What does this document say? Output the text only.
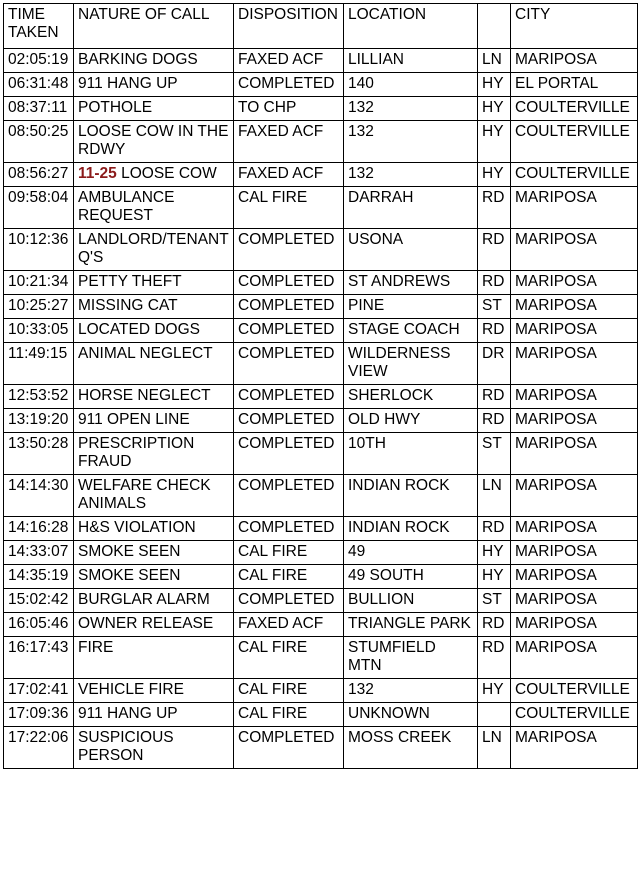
TIME TAKEN	NATURE OF CALL	DISPOSITION	LOCATION		CITY
02:05:19	BARKING DOGS	FAXED ACF	LILLIAN	LN	MARIPOSA
06:31:48	911 HANG UP	COMPLETED	140	HY	EL PORTAL
08:37:11	POTHOLE	TO CHP	132	HY	COULTERVILLE
08:50:25	LOOSE COW IN THE RDWY	FAXED ACF	132	HY	COULTERVILLE
08:56:27	11-25 LOOSE COW	FAXED ACF	132	HY	COULTERVILLE
09:58:04	AMBULANCE REQUEST	CAL FIRE	DARRAH	RD	MARIPOSA
10:12:36	LANDLORD/TENANT Q'S	COMPLETED	USONA	RD	MARIPOSA
10:21:34	PETTY THEFT	COMPLETED	ST ANDREWS	RD	MARIPOSA
10:25:27	MISSING CAT	COMPLETED	PINE	ST	MARIPOSA
10:33:05	LOCATED DOGS	COMPLETED	STAGE COACH	RD	MARIPOSA
11:49:15	ANIMAL NEGLECT	COMPLETED	WILDERNESS VIEW	DR	MARIPOSA
12:53:52	HORSE NEGLECT	COMPLETED	SHERLOCK	RD	MARIPOSA
13:19:20	911 OPEN LINE	COMPLETED	OLD HWY	RD	MARIPOSA
13:50:28	PRESCRIPTION FRAUD	COMPLETED	10TH	ST	MARIPOSA
14:14:30	WELFARE CHECK ANIMALS	COMPLETED	INDIAN ROCK	LN	MARIPOSA
14:16:28	H&S VIOLATION	COMPLETED	INDIAN ROCK	RD	MARIPOSA
14:33:07	SMOKE SEEN	CAL FIRE	49	HY	MARIPOSA
14:35:19	SMOKE SEEN	CAL FIRE	49 SOUTH	HY	MARIPOSA
15:02:42	BURGLAR ALARM	COMPLETED	BULLION	ST	MARIPOSA
16:05:46	OWNER RELEASE	FAXED ACF	TRIANGLE PARK	RD	MARIPOSA
16:17:43	FIRE	CAL FIRE	STUMFIELD MTN	RD	MARIPOSA
17:02:41	VEHICLE FIRE	CAL FIRE	132	HY	COULTERVILLE
17:09:36	911 HANG UP	CAL FIRE	UNKNOWN		COULTERVILLE
17:22:06	SUSPICIOUS PERSON	COMPLETED	MOSS CREEK	LN	MARIPOSA
